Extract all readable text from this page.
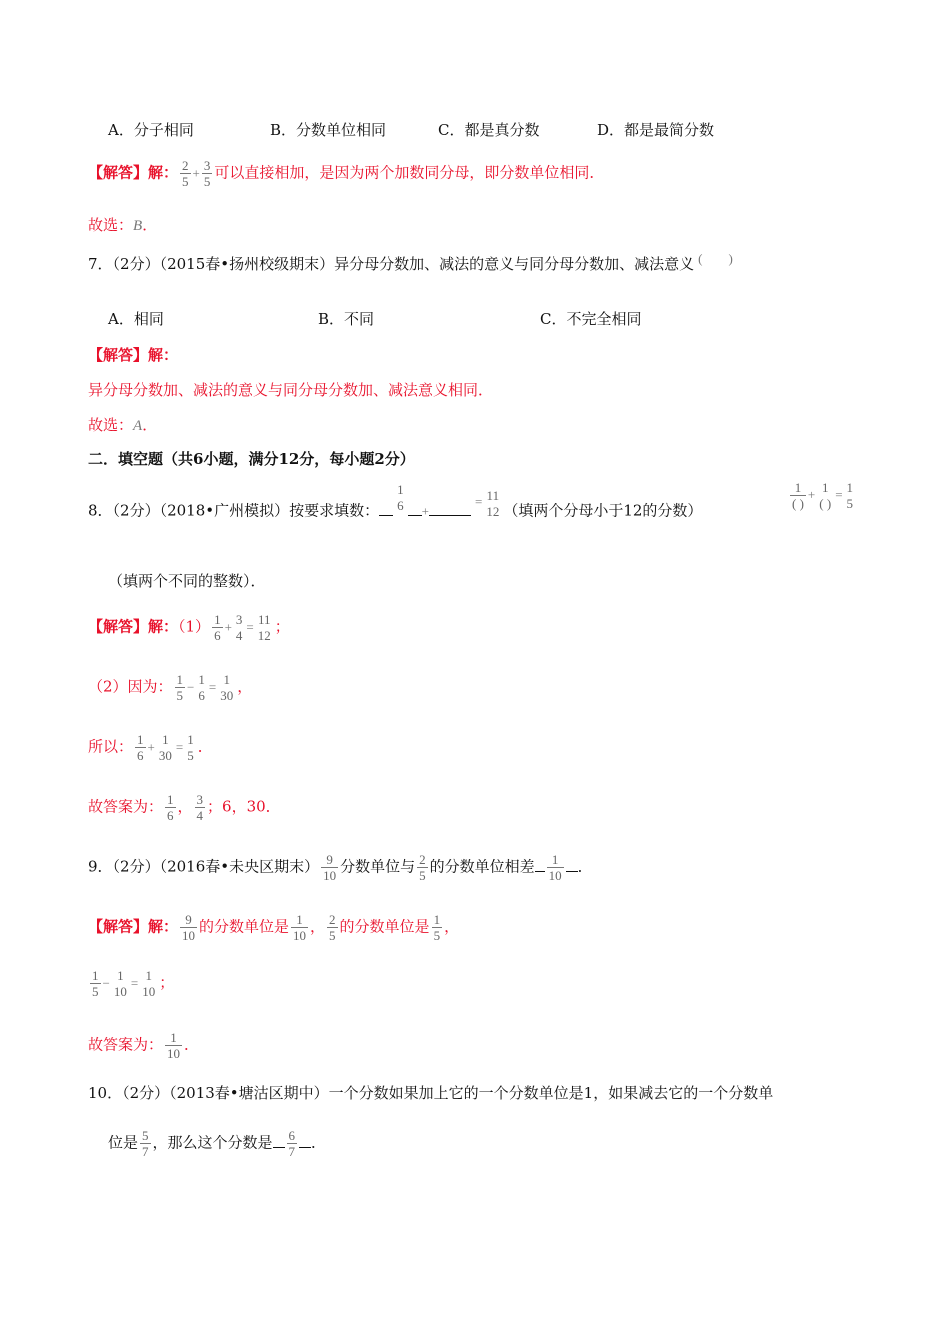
A．分子相同	B．分数单位相同	C．都是真分数	D．都是最简分数
【解答】解： $\frac{2}{5} + \frac{3}{5}$ 可以直接相加，是因为两个加数同分母，即分数单位相同．
故选：B．
7．（2分）（2015春•扬州校级期末）异分母分数加、减法的意义与同分母分数加、减法意义 (　　)
A．相同	B．不同	C．不完全相同
【解答】解：
异分母分数加、减法的意义与同分母分数加、减法意义相同．
故选：A．
二．填空题（共6小题，满分12分，每小题2分）
8．（2分）（2018•广州模拟）按要求填数：
1
6 += 11
12 （填两个分母小于12的分数）	$\frac{1}{( )} + 1$
( )
= 1
5
（填两个不同的整数）．
【解答】解：$(1) \frac{1}{6} + 3$
4
= 11
12 ；
（2）因为： $\frac{1}{5} - 1$
6
= 1
30 ，
所以： $\frac{1}{6} + 1$
30
= 1
5 ．
故答案为： $\frac{1}{6}$ ， $\frac{3}{4}$ ；6，30．
9．（2分）（2016春•未央区期末） $\frac{9}{10}$ 分数单位与 $\frac{2}{5}$ 的分数单位相差 $\frac{1}{10}$ ．
【解答】解： $\frac{9}{10}$ 的分数单位是 $\frac{1}{10}$ ， $\frac{2}{5}$ 的分数单位是 $\frac{1}{5}$ ，
$\frac{1}{5} - 1$
10
= 1
10 ；
故答案为： $\frac{1}{10}$ ．
10．（2分）（2013春•塘沽区期中）一个分数如果加上它的一个分数单位是1，如果减去它的一个分数单
位是 $\frac{5}{7}$ ，那么这个分数是 $\frac{6}{7}$ ．
